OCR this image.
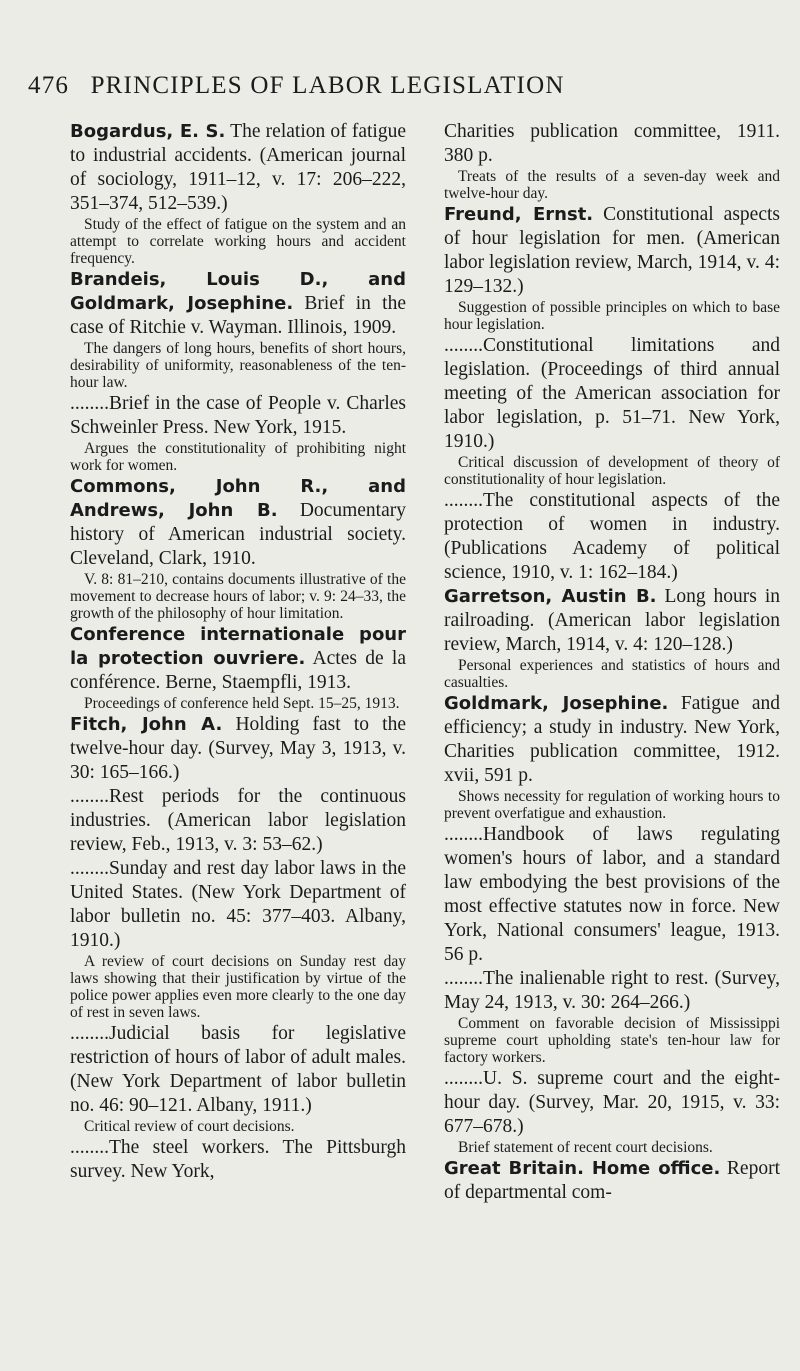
476 PRINCIPLES OF LABOR LEGISLATION

Bogardus, E. S. The relation of fatigue to industrial accidents. (American journal of sociology, 1911–12, v. 17: 206–222, 351–374, 512–539.)

Study of the effect of fatigue on the system and an attempt to correlate working hours and accident frequency.

Brandeis, Louis D., and Goldmark, Josephine. Brief in the case of Ritchie v. Wayman. Illinois, 1909.

The dangers of long hours, benefits of short hours, desirability of uniformity, reasonableness of the ten-hour law.

........Brief in the case of People v. Charles Schweinler Press. New York, 1915.

Argues the constitutionality of prohibiting night work for women.

Commons, John R., and Andrews, John B. Documentary history of American industrial society. Cleveland, Clark, 1910.

V. 8: 81–210, contains documents illustrative of the movement to decrease hours of labor; v. 9: 24–33, the growth of the philosophy of hour limitation.

Conference internationale pour la protection ouvriere. Actes de la conférence. Berne, Staempfli, 1913.

Proceedings of conference held Sept. 15–25, 1913.

Fitch, John A. Holding fast to the twelve-hour day. (Survey, May 3, 1913, v. 30: 165–166.)

........Rest periods for the continuous industries. (American labor legislation review, Feb., 1913, v. 3: 53–62.)

........Sunday and rest day labor laws in the United States. (New York Department of labor bulletin no. 45: 377–403. Albany, 1910.)

A review of court decisions on Sunday rest day laws showing that their justification by virtue of the police power applies even more clearly to the one day of rest in seven laws.

........Judicial basis for legislative restriction of hours of labor of adult males. (New York Department of labor bulletin no. 46: 90–121. Albany, 1911.)

Critical review of court decisions.

........The steel workers. The Pittsburgh survey. New York,

Charities publication committee, 1911. 380 p.

Treats of the results of a seven-day week and twelve-hour day.

Freund, Ernst. Constitutional aspects of hour legislation for men. (American labor legislation review, March, 1914, v. 4: 129–132.)

Suggestion of possible principles on which to base hour legislation.

........Constitutional limitations and legislation. (Proceedings of third annual meeting of the American association for labor legislation, p. 51–71. New York, 1910.)

Critical discussion of development of theory of constitutionality of hour legislation.

........The constitutional aspects of the protection of women in industry. (Publications Academy of political science, 1910, v. 1: 162–184.)

Garretson, Austin B. Long hours in railroading. (American labor legislation review, March, 1914, v. 4: 120–128.)

Personal experiences and statistics of hours and casualties.

Goldmark, Josephine. Fatigue and efficiency; a study in industry. New York, Charities publication committee, 1912. xvii, 591 p.

Shows necessity for regulation of working hours to prevent overfatigue and exhaustion.

........Handbook of laws regulating women's hours of labor, and a standard law embodying the best provisions of the most effective statutes now in force. New York, National consumers' league, 1913. 56 p.

........The inalienable right to rest. (Survey, May 24, 1913, v. 30: 264–266.)

Comment on favorable decision of Mississippi supreme court upholding state's ten-hour law for factory workers.

........U. S. supreme court and the eight-hour day. (Survey, Mar. 20, 1915, v. 33: 677–678.)

Brief statement of recent court decisions.

Great Britain. Home office. Report of departmental com-
